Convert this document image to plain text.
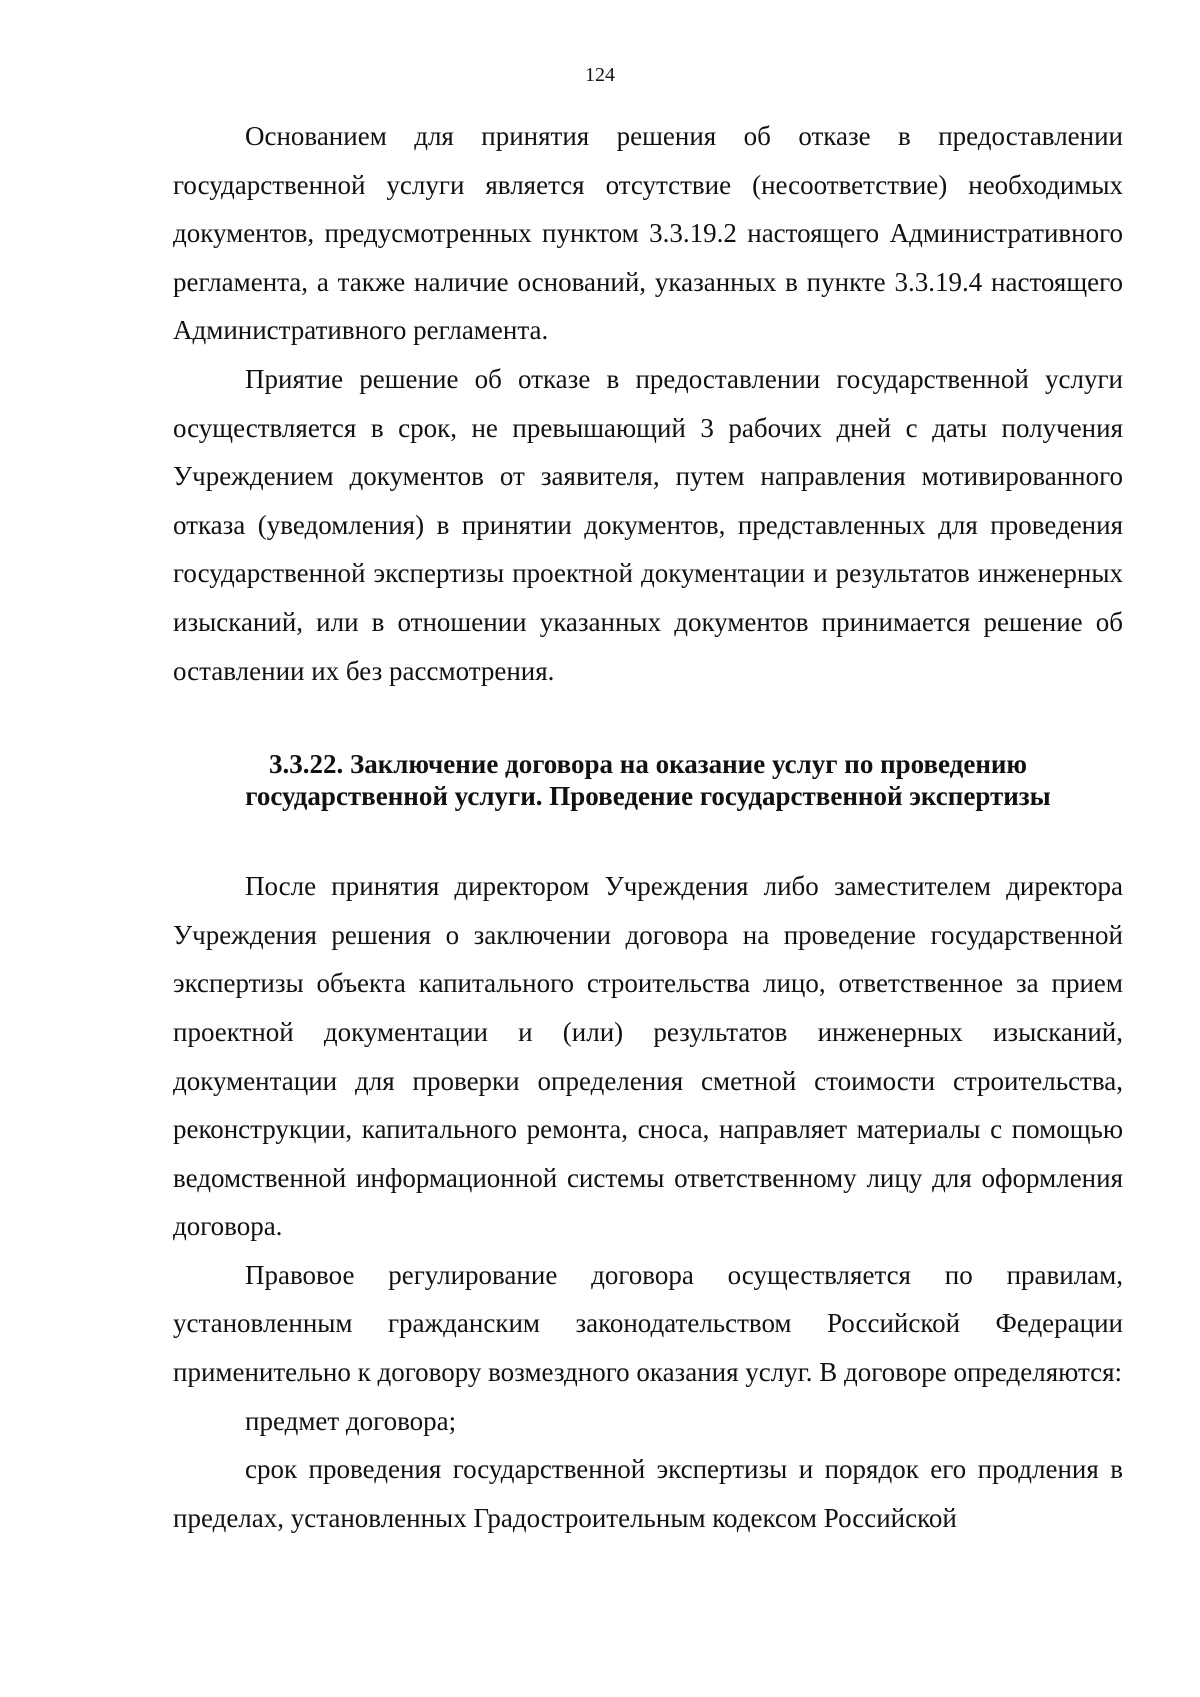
124

Основанием для принятия решения об отказе в предоставлении государственной услуги является отсутствие (несоответствие) необходимых документов, предусмотренных пунктом 3.3.19.2 настоящего Административного регламента, а также наличие оснований, указанных в пункте 3.3.19.4 настоящего Административного регламента.

Приятие решение об отказе в предоставлении государственной услуги осуществляется в срок, не превышающий 3 рабочих дней с даты получения Учреждением документов от заявителя, путем направления мотивированного отказа (уведомления) в принятии документов, представленных для проведения государственной экспертизы проектной документации и результатов инженерных изысканий, или в отношении указанных документов принимается решение об оставлении их без рассмотрения.

3.3.22. Заключение договора на оказание услуг по проведению
государственной услуги. Проведение государственной экспертизы

После принятия директором Учреждения либо заместителем директора Учреждения решения о заключении договора на проведение государственной экспертизы объекта капитального строительства лицо, ответственное за прием проектной документации и (или) результатов инженерных изысканий, документации для проверки определения сметной стоимости строительства, реконструкции, капитального ремонта, сноса, направляет материалы с помощью ведомственной информационной системы ответственному лицу для оформления договора.

Правовое регулирование договора осуществляется по правилам, установленным гражданским законодательством Российской Федерации применительно к договору возмездного оказания услуг. В договоре определяются:

предмет договора;

срок проведения государственной экспертизы и порядок его продления в пределах, установленных Градостроительным кодексом Российской
